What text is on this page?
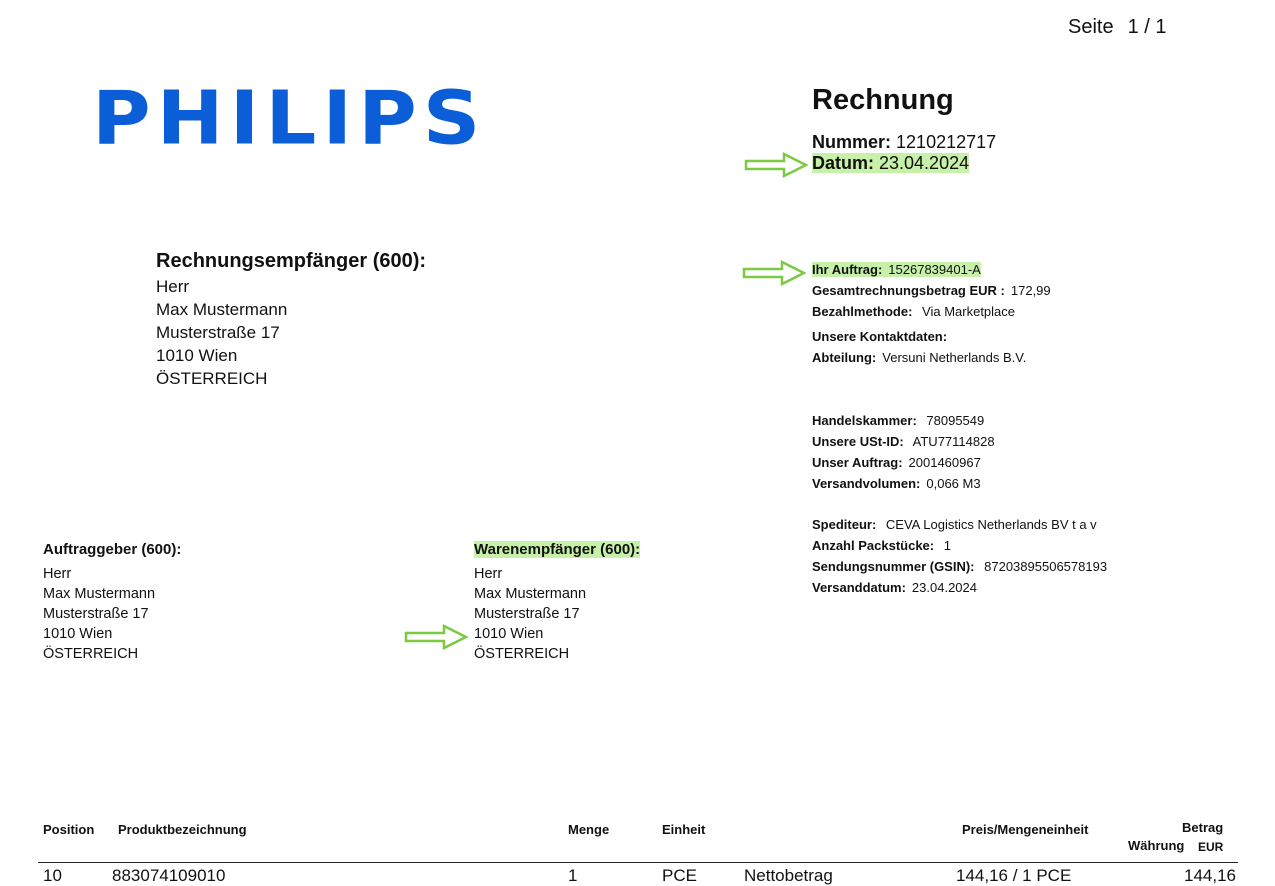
Seite 1 / 1
PHILIPS	Rechnung
Nummer: 1210212717
Datum: 23.04.2024
Rechnungsempfänger (600):
Herr
Max Mustermann
Musterstraße 17
1010 Wien
ÖSTERREICH
Ihr Auftrag: 15267839401-A
Gesamtrechnungsbetrag EUR : 172,99
Bezahlmethode: Via Marketplace
Unsere Kontaktdaten:
Abteilung: Versuni Netherlands B.V.
Handelskammer: 78095549
Unsere USt-ID: ATU77114828
Unser Auftrag: 2001460967
Versandvolumen: 0,066 M3
Spediteur: CEVA Logistics Netherlands BV t a v
Anzahl Packstücke: 1
Sendungsnummer (GSIN): 87203895506578193
Versanddatum: 23.04.2024
Auftraggeber (600):
Herr
Max Mustermann
Musterstraße 17
1010 Wien
ÖSTERREICH
Warenempfänger (600):
Herr
Max Mustermann
Musterstraße 17
1010 Wien
ÖSTERREICH
Position Produktbezeichnung	Menge	Einheit	Preis/Mengeneinheit	Betrag
Währung EUR
10	883074109010	1	PCE	Nettobetrag	144,16 / 1 PCE	144,16
